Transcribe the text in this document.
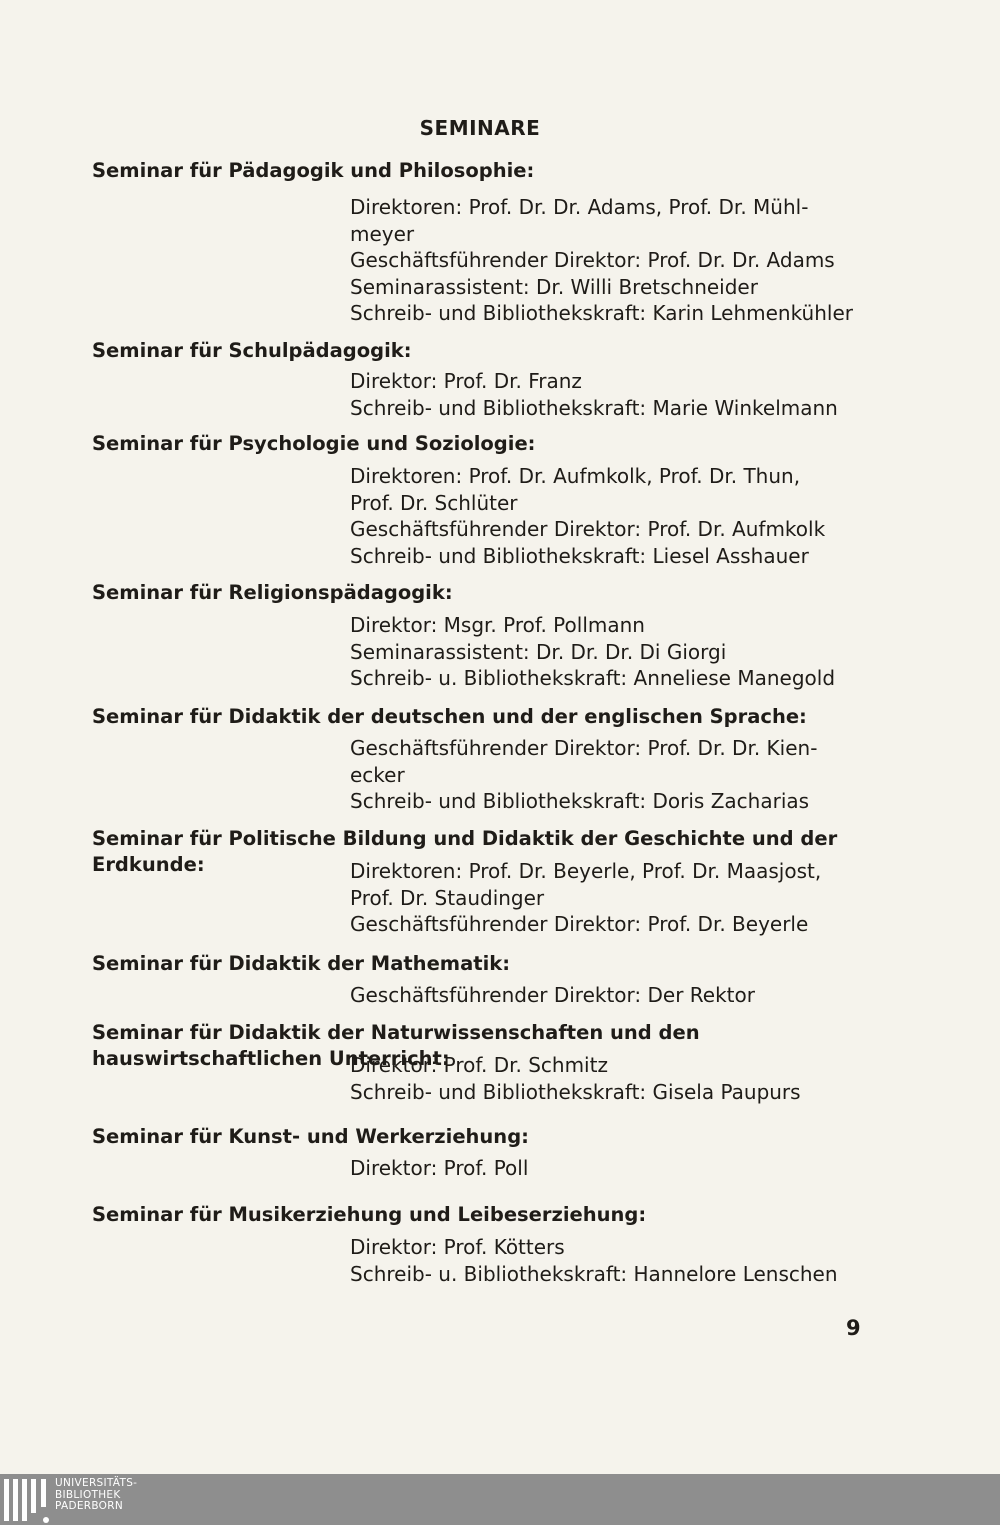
SEMINARE
Seminar für Pädagogik und Philosophie:
Direktoren: Prof. Dr. Dr. Adams, Prof. Dr. Mühl-
meyer
Geschäftsführender Direktor: Prof. Dr. Dr. Adams
Seminarassistent: Dr. Willi Bretschneider
Schreib- und Bibliothekskraft: Karin Lehmenkühler
Seminar für Schulpädagogik:
Direktor: Prof. Dr. Franz
Schreib- und Bibliothekskraft: Marie Winkelmann
Seminar für Psychologie und Soziologie:
Direktoren: Prof. Dr. Aufmkolk, Prof. Dr. Thun,
Prof. Dr. Schlüter
Geschäftsführender Direktor: Prof. Dr. Aufmkolk
Schreib- und Bibliothekskraft: Liesel Asshauer
Seminar für Religionspädagogik:
Direktor: Msgr. Prof. Pollmann
Seminarassistent: Dr. Dr. Dr. Di Giorgi
Schreib- u. Bibliothekskraft: Anneliese Manegold
Seminar für Didaktik der deutschen und der englischen Sprache:
Geschäftsführender Direktor: Prof. Dr. Dr. Kien-
ecker
Schreib- und Bibliothekskraft: Doris Zacharias
Seminar für Politische Bildung und Didaktik der Geschichte und der Erdkunde:	Direktoren: Prof. Dr. Beyerle, Prof. Dr. Maasjost,
Prof. Dr. Staudinger
Geschäftsführender Direktor: Prof. Dr. Beyerle
Seminar für Didaktik der Mathematik:
Geschäftsführender Direktor: Der Rektor
Seminar für Didaktik der Naturwissenschaften und den hauswirtschaftlichen Unterricht:
Direktor: Prof. Dr. Schmitz
Schreib- und Bibliothekskraft: Gisela Paupurs
Seminar für Kunst- und Werkerziehung:
Direktor: Prof. Poll
Seminar für Musikerziehung und Leibeserziehung:
Direktor: Prof. Kötters
Schreib- u. Bibliothekskraft: Hannelore Lenschen
9
UNIVERSITÄTS-
BIBLIOTHEK
PADERBORN
